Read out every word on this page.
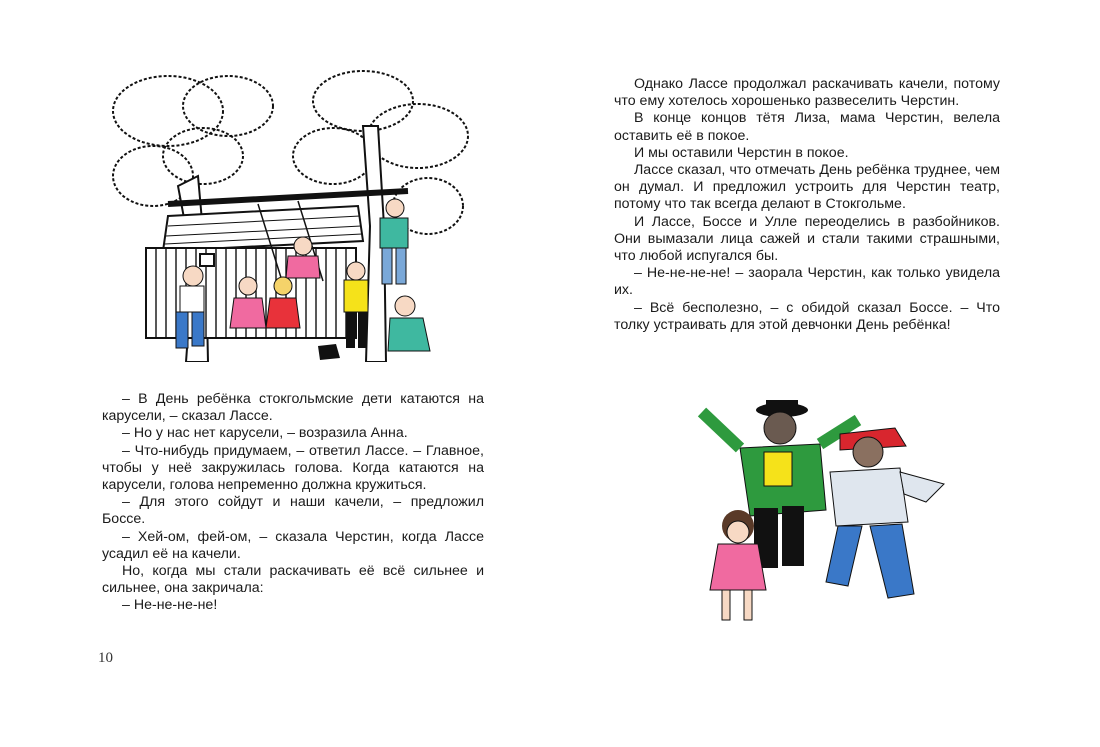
– В День ребёнка стокгольмские дети катаются на карусели, – сказал Лассе.

– Но у нас нет карусели, – возразила Анна.

– Что-нибудь придумаем, – ответил Лассе. – Главное, чтобы у неё закружилась голова. Когда катаются на карусели, голова непременно должна кружиться.

– Для этого сойдут и наши качели, – предложил Боссе.

– Хей-ом, фей-ом, – сказала Черстин, когда Лассе усадил её на качели.

Но, когда мы стали раскачивать её всё сильнее и сильнее, она закричала:

– Не-не-не-не!

Однако Лассе продолжал раскачивать качели, потому что ему хотелось хорошенько развеселить Черстин.

В конце концов тётя Лиза, мама Черстин, велела оставить её в покое.

И мы оставили Черстин в покое.

Лассе сказал, что отмечать День ребёнка труднее, чем он думал. И предложил устроить для Черстин театр, потому что так всегда делают в Стокгольме.

И Лассе, Боссе и Улле переоделись в разбойников. Они вымазали лица сажей и стали такими страшными, что любой испугался бы.

– Не-не-не-не! – заорала Черстин, как только увидела их.

– Всё бесполезно, – с обидой сказал Боссе. – Что толку устраивать для этой девчонки День ребёнка!

10
